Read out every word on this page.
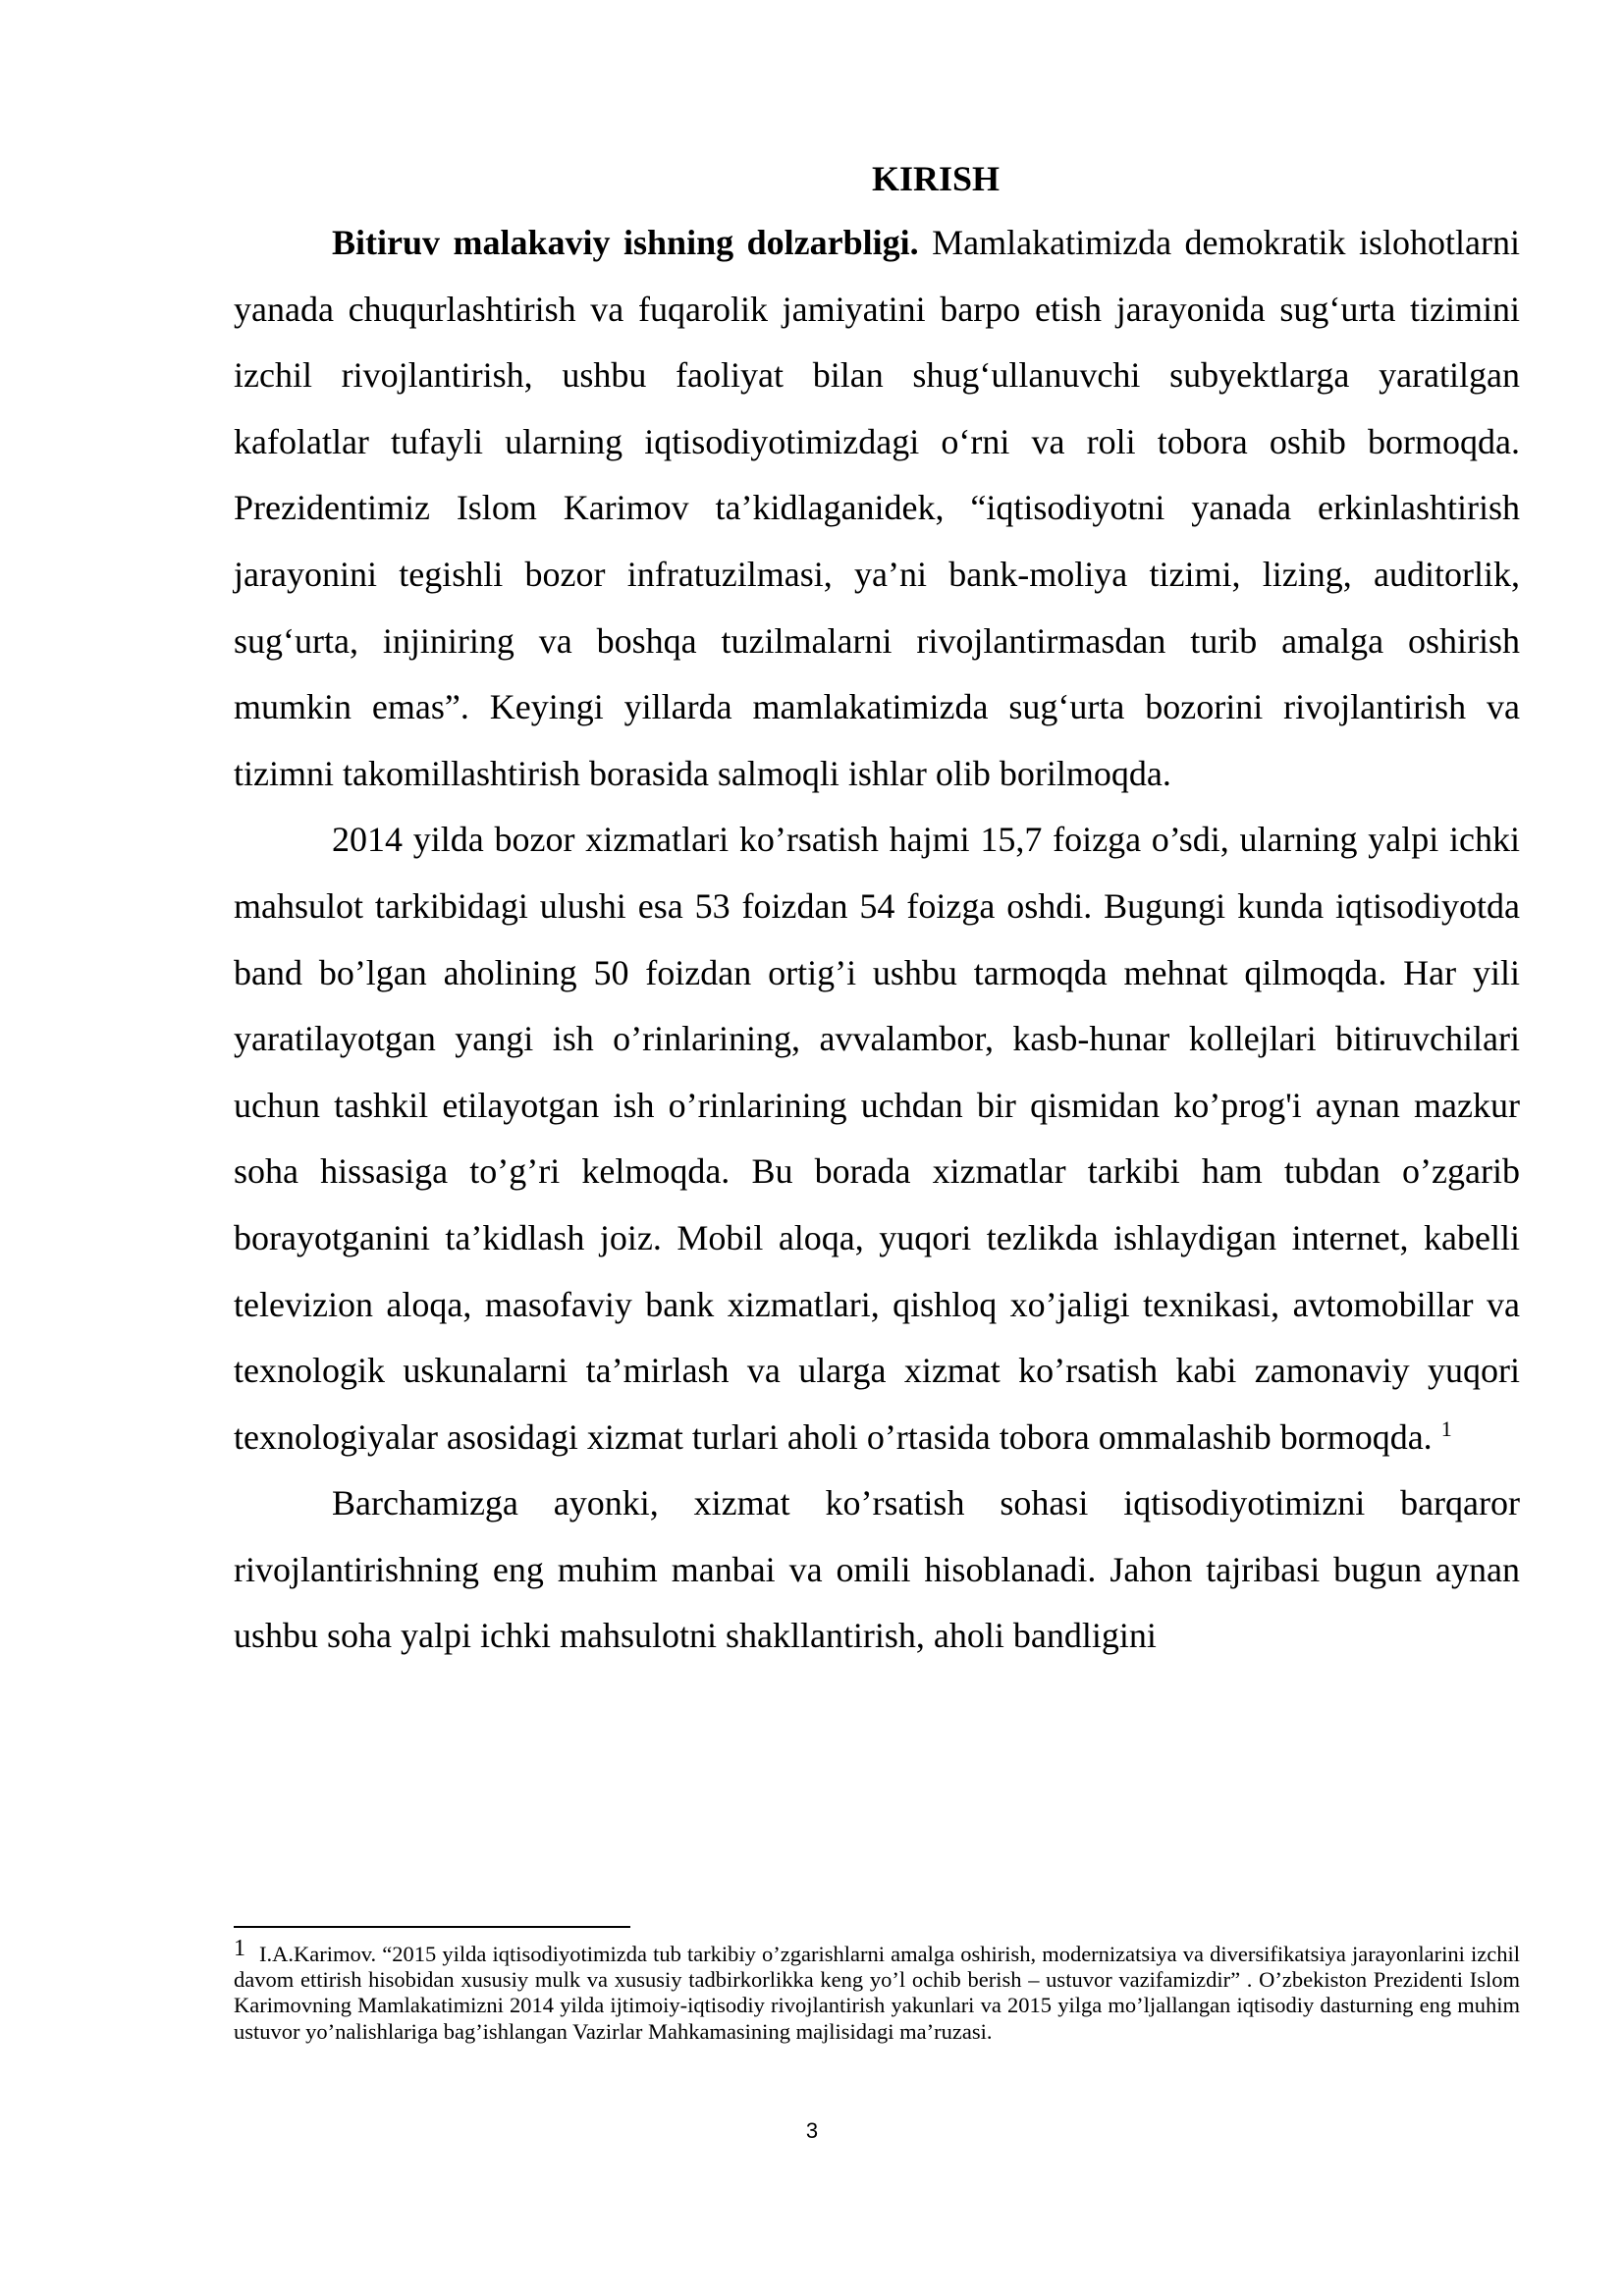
KIRISH

Bitiruv malakaviy ishning dolzarbligi. Mamlakatimizda demokratik islohotlarni yanada chuqurlashtirish va fuqarolik jamiyatini barpo etish jarayonida sug‘urta tizimini izchil rivojlantirish, ushbu faoliyat bilan shug‘ullanuvchi subyektlarga yaratilgan kafolatlar tufayli ularning iqtisodiyotimizdagi o‘rni va roli tobora oshib bormoqda. Prezidentimiz Islom Karimov ta’kidlaganidek, “iqtisodiyotni yanada erkinlashtirish jarayonini tegishli bozor infratuzilmasi, ya’ni bank-moliya tizimi, lizing, auditorlik, sug‘urta, injiniring va boshqa tuzilmalarni rivojlantirmasdan turib amalga oshirish mumkin emas”. Keyingi yillarda mamlakatimizda sug‘urta bozorini rivojlantirish va tizimni takomillashtirish borasida salmoqli ishlar olib borilmoqda.

2014 yilda bozor xizmatlari ko’rsatish hajmi 15,7 foizga o’sdi, ularning yalpi ichki mahsulot tarkibidagi ulushi esa 53 foizdan 54 foizga oshdi. Bugungi kunda iqtisodiyotda band bo’lgan aholining 50 foizdan ortig’i ushbu tarmoqda mehnat qilmoqda. Har yili yaratilayotgan yangi ish o’rinlarining, avvalambor, kasb-hunar kollejlari bitiruvchilari uchun tashkil etilayotgan ish o’rinlarining uchdan bir qismidan ko’prog'i aynan mazkur soha hissasiga to’g’ri kelmoqda. Bu borada xizmatlar tarkibi ham tubdan o’zgarib borayotganini ta’kidlash joiz. Mobil aloqa, yuqori tezlikda ishlaydigan internet, kabelli televizion aloqa, masofaviy bank xizmatlari, qishloq xo’jaligi texnikasi, avtomobillar va texnologik uskunalarni ta’mirlash va ularga xizmat ko’rsatish kabi zamonaviy yuqori texnologiyalar asosidagi xizmat turlari aholi o’rtasida tobora ommalashib bormoqda. $^1$

Barchamizga ayonki, xizmat ko’rsatish sohasi iqtisodiyotimizni barqaror rivojlantirishning eng muhim manbai va omili hisoblanadi. Jahon tajribasi bugun aynan ushbu soha yalpi ichki mahsulotni shakllantirish, aholi bandligini

$^1$ I.A.Karimov. “2015 yilda iqtisodiyotimizda tub tarkibiy o’zgarishlarni amalga oshirish, modernizatsiya va diversifikatsiya jarayonlarini izchil davom ettirish hisobidan xususiy mulk va xususiy tadbirkorlikka keng yo’l ochib berish – ustuvor vazifamizdir” . O’zbekiston Prezidenti Islom Karimovning Mamlakatimizni 2014 yilda ijtimoiy-iqtisodiy rivojlantirish yakunlari va 2015 yilga mo’ljallangan iqtisodiy dasturning eng muhim ustuvor yo’nalishlariga bag’ishlangan Vazirlar Mahkamasining majlisidagi ma’ruzasi.

3
